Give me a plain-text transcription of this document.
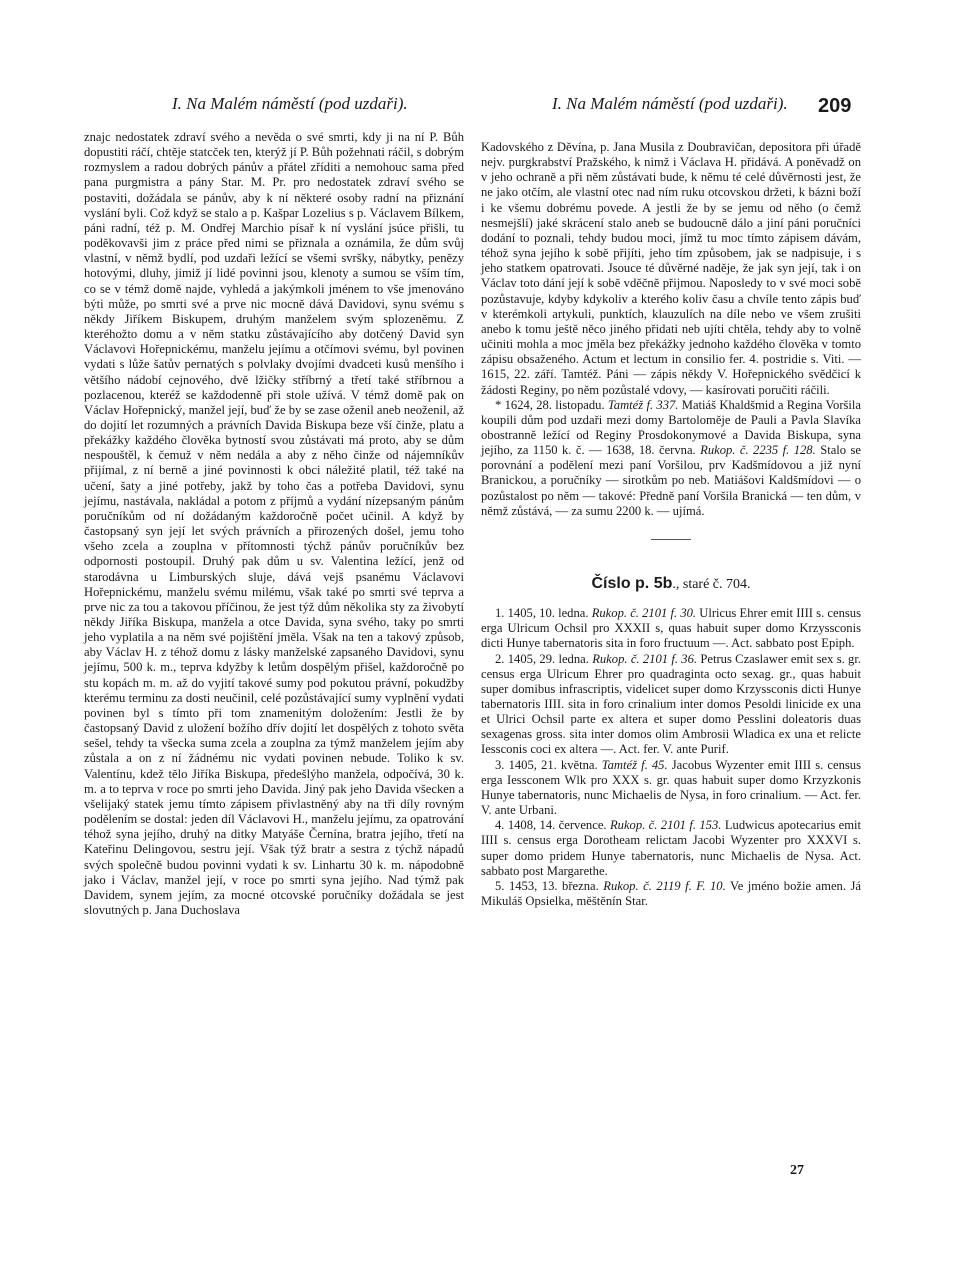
I. Na Malém náměstí (pod uzdaři).	I. Na Malém náměstí (pod uzdaři). 209

znajc nedostatek zdraví svého a nevěda o své smrti, kdy ji na ní P. Bůh dopustiti ráčí, chtěje statcček ten, kterýž jí P. Bůh požehnati ráčil, s dobrým rozmyslem a radou dobrých pánův a přátel zříditi a nemohouc sama před pana purgmistra a pány Star. M. Pr. pro nedostatek zdraví svého se postaviti, dožádala se pánův, aby k ní některé osoby radní na přiznání vyslání byli. Což když se stalo a p. Kašpar Lozelius s p. Václavem Bílkem, páni radní, též p. M. Ondřej Marchio písař k ní vyslání jsúce přišli, tu poděkovavši jim z práce před nimi se přiznala a oznámila, že dům svůj vlastní, v němž bydlí, pod uzdaři ležící se všemi svršky, nábytky, penězy hotovými, dluhy, jimiž jí lidé povinni jsou, klenoty a sumou se vším tím, co se v témž domě najde, vyhledá a jakýmkoli jménem to vše jmenováno býti může, po smrti své a prve nic mocně dává Davidovi, synu svému s někdy Jiříkem Biskupem, druhým manželem svým splozeněmu. Z kteréhožto domu a v něm statku zůstávajícího aby dotčený David syn Václavovi Hořepnickému, manželu jejímu a otčímovi svému, byl povinen vydati s lůže šatův pernatých s polvlaky dvojími dvadceti kusů menšího i většího nádobí cejnového, dvě lžičky stříbrný a třetí také stříbrnou a pozlacenou, kteréž se každodenně při stole užívá. V témž domě pak on Václav Hořepnický, manžel její, buď že by se zase oženil aneb neoženil, až do dojití let rozumných a právních Davida Biskupa beze vší činže, platu a překážky každého člověka bytností svou zůstávati má proto, aby se dům nespouštěl, k čemuž v něm nedála a aby z něho činže od nájemníkův přijímal, z ní berně a jiné povinnosti k obci náležité platil, též také na učení, šaty a jiné potřeby, jakž by toho čas a potřeba Davidovi, synu jejímu, nastávala, nakládal a potom z příjmů a vydání nízepsaným pánům poručníkům od ní dožádaným každoročně počet učinil. A když by častopsaný syn její let svých právních a přirozených došel, jemu toho všeho zcela a zouplna v přítomnosti týchž pánův poručníkův bez odpornosti postoupil. Druhý pak dům u sv. Valentina ležící, jenž od starodávna u Limburských sluje, dává vejš psanému Václavovi Hořepnickému, manželu svému milému, však také po smrti své teprva a prve nic za tou a takovou příčinou, že jest týž dům několika sty za živobytí někdy Jiříka Biskupa, manžela a otce Davida, syna svého, taky po smrti jeho vyplatila a na něm své pojištění jměla. Však na ten a takový způsob, aby Václav H. z téhož domu z lásky manželské zapsaného Davidovi, synu jejímu, 500 k. m., teprva kdyžby k letům dospělým přišel, každoročně po stu kopách m. m. až do vyjití takové sumy pod pokutou právní, pokudžby kterému terminu za dosti neučinil, celé pozůstávající sumy vyplnění vydati povinen byl s tímto při tom znamenitým doložením: Jestli že by častopsaný David z uložení božího dřív dojití let dospělých z tohoto světa sešel, tehdy ta všecka suma zcela a zouplna za týmž manželem jejím aby zůstala a on z ní žádnému nic vydati povinen nebude. Toliko k sv. Valentínu, kdež tělo Jiříka Biskupa, předešlýho manžela, odpočívá, 30 k. m. a to teprva v roce po smrti jeho Davida. Jiný pak jeho Davida všecken a všelijaký statek jemu tímto zápisem přivlastněný aby na tři díly rovným podělením se dostal: jeden díl Václavovi H., manželu jejímu, za opatrování téhož syna jejího, druhý na ditky Matyáše Černína, bratra jejího, třetí na Kateřinu Delingovou, sestru její. Však týž bratr a sestra z týchž nápadů svých společně budou povinni vydati k sv. Linhartu 30 k. m. nápodobně jako i Václav, manžel její, v roce po smrti syna jejího. Nad týmž pak Davidem, synem jejím, za mocné otcovské poručníky dožádala se jest slovutných p. Jana Duchoslava

Kadovského z Děvína, p. Jana Musila z Doubravičan, depositora při úřadě nejv. purgkrabství Pražského, k nimž i Václava H. přidává. A poněvadž on v jeho ochraně a při něm zůstávati bude, k němu té celé důvěrnosti jest, že ne jako otčím, ale vlastní otec nad ním ruku otcovskou držeti, k bázni boží i ke všemu dobrému povede. A jestli že by se jemu od něho (o čemž nesmejšlí) jaké skrácení stalo aneb se budoucně dálo a jiní páni poručníci dodání to poznali, tehdy budou moci, jímž tu moc tímto zápisem dávám, téhož syna jejího k sobě přijíti, jeho tím způsobem, jak se nadpisuje, i s jeho statkem opatrovati. Jsouce té důvěrné naděje, že jak syn její, tak i on Václav toto dání její k sobě vděčně přijmou. Naposledy to v své moci sobě pozůstavuje, kdyby kdykoliv a kterého koliv času a chvíle tento zápis buď v kterémkoli artykuli, punktích, klauzulích na díle nebo ve všem zrušiti anebo k tomu ještě něco jiného přidati neb ujíti chtěla, tehdy aby to volně učiniti mohla a moc jměla bez překážky jednoho každého člověka v tomto zápisu obsaženého. Actum et lectum in consilio fer. 4. postridie s. Viti. — 1615, 22. září. Tamtéž. Páni — zápis někdy V. Hořepnického svědčicí k žádosti Reginy, po něm pozůstalé vdovy, — kasírovati poručiti ráčili.

* 1624, 28. listopadu. Tamtéž f. 337. Matiáš Khaldšmid a Regina Voršila koupili dům pod uzdaři mezi domy Bartoloměje de Pauli a Pavla Slavíka obostranně ležící od Reginy Prosdokonymové a Davida Biskupa, syna jejího, za 1150 k. č. — 1638, 18. června. Rukop. č. 2235 f. 128. Stalo se porovnání a podělení mezi paní Voršilou, prv Kadšmídovou a již nyní Branickou, a poručníky — sirotkům po neb. Matiášovi Kaldšmídovi — o pozůstalost po něm — takové: Předně paní Voršila Branická — ten dům, v němž zůstává, — za sumu 2200 k. — ujímá.

Číslo p. 5b., staré č. 704.

1. 1405, 10. ledna. Rukop. č. 2101 f. 30. Ulricus Ehrer emit IIII s. census erga Ulricum Ochsil pro XXXII s, quas habuit super domo Krzyssconis dicti Hunye tabernatoris sita in foro fructuum —. Act. sabbato post Epiph.

2. 1405, 29. ledna. Rukop. č. 2101 f. 36. Petrus Czaslawer emit sex s. gr. census erga Ulricum Ehrer pro quadraginta octo sexag. gr., quas habuit super domibus infrascriptis, videlicet super domo Krzyssconis dicti Hunye tabernatoris IIII. sita in foro crinalium inter domos Pesoldi linicide ex una et Ulrici Ochsil parte ex altera et super domo Pesslini doleatoris duas sexagenas gross. sita inter domos olim Ambrosii Wladica ex una et relicte Iessconis coci ex altera —. Act. fer. V. ante Purif.

3. 1405, 21. května. Tamtéž f. 45. Jacobus Wyzenter emit IIII s. census erga Iessconem Wlk pro XXX s. gr. quas habuit super domo Krzyzkonis Hunye tabernatoris, nunc Michaelis de Nysa, in foro crinalium. — Act. fer. V. ante Urbani.

4. 1408, 14. července. Rukop. č. 2101 f. 153. Ludwicus apotecarius emit IIII s. census erga Dorotheam relictam Jacobi Wyzenter pro XXXVI s. super domo pridem Hunye tabernatoris, nunc Michaelis de Nysa. Act. sabbato post Margarethe.

5. 1453, 13. března. Rukop. č. 2119 f. F. 10. Ve jméno božie amen. Já Mikuláš Opsielka, měštěnín Star.

27
